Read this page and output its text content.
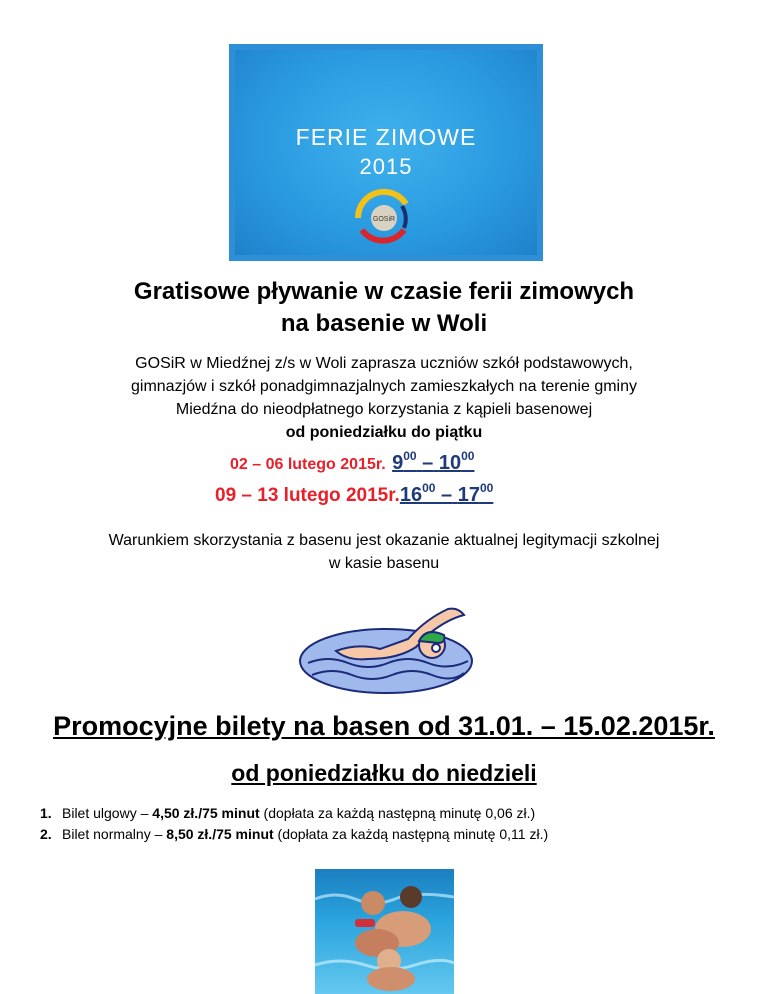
FERIE ZIMOWE
2015
GOSiR
Gratisowe pływanie w czasie ferii zimowych
na basenie w Woli
GOSiR w Miedźnej z/s w Woli zaprasza uczniów szkół podstawowych,
gimnazjów i szkół ponadgimnazjalnych zamieszkałych na terenie gminy
Miedźna do nieodpłatnego korzystania z kąpieli basenowej
od poniedziałku do piątku
02 – 06 lutego 2015r. $9^{00} - 10^{00}$
09 – 13 lutego $2015r.16^{00} - 17^{00}$
Warunkiem skorzystania z basenu jest okazanie aktualnej legitymacji szkolnej
w kasie basenu
Promocyjne bilety na basen od 31.01. – 15.02.2015r.
od poniedziałku do niedzieli
1. Bilet ulgowy – 4,50 zł./75 minut (dopłata za każdą następną minutę 0,06 zł.)
2. Bilet normalny – 8,50 zł./75 minut (dopłata za każdą następną minutę 0,11 zł.)
